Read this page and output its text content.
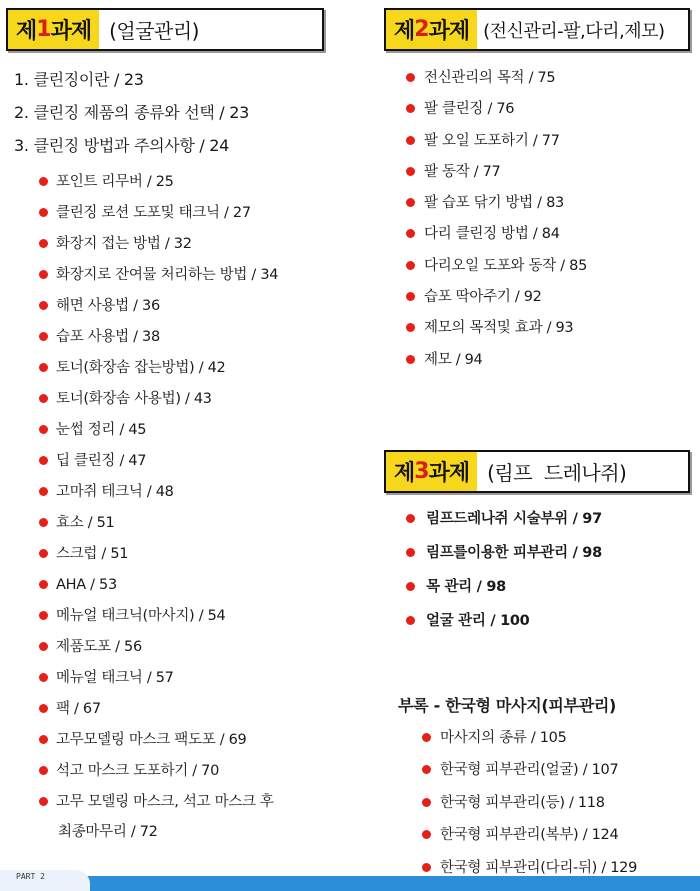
제 1 과제 (얼굴관리)
1. 클린징이란 / 23
2. 클린징 제품의 종류와 선택 / 23
3. 클린징 방법과 주의사항 / 24
포인트 리무버 / 25
클린징 로션 도포및 태크닉 / 27
화장지 접는 방법 / 32
화장지로 잔여물 처리하는 방법 / 34
해면 사용법 / 36
습포 사용법 / 38
토너(화장솜 잡는방법) / 42
토너(화장솜 사용법) / 43
눈썹 정리 / 45
딥 클린징 / 47
고마쥐 테크닉 / 48
효소 / 51
스크럽 / 51
AHA / 53
메뉴얼 태크닉(마사지) / 54
제품도포 / 56
메뉴얼 태크닉 / 57
팩 / 67
고무모델링 마스크 팩도포 / 69
석고 마스크 도포하기 / 70
고무 모델링 마스크, 석고 마스크 후
최종마무리 / 72
제 2 과제 (전신관리-팔,다리,제모)
전신관리의 목적 / 75
팔 클린징 / 76
팔 오일 도포하기 / 77
팔 동작 / 77
팔 습포 닦기 방법 / 83
다리 클린징 방법 / 84
다리오일 도포와 동작 / 85
습포 딱아주기 / 92
제모의 목적및 효과 / 93
제모 / 94
제 3 과제 (림프  드레나쥐)
림프드레나쥐 시술부위 / 97
림프를이용한 피부관리 / 98
목 관리 / 98
얼굴 관리 / 100
부록 - 한국형 마사지(피부관리)
마사지의 종류 / 105
한국형 피부관리(얼굴) / 107
한국형 피부관리(등) / 118
한국형 피부관리(복부) / 124
한국형 피부관리(다리-뒤) / 129
PART 2
